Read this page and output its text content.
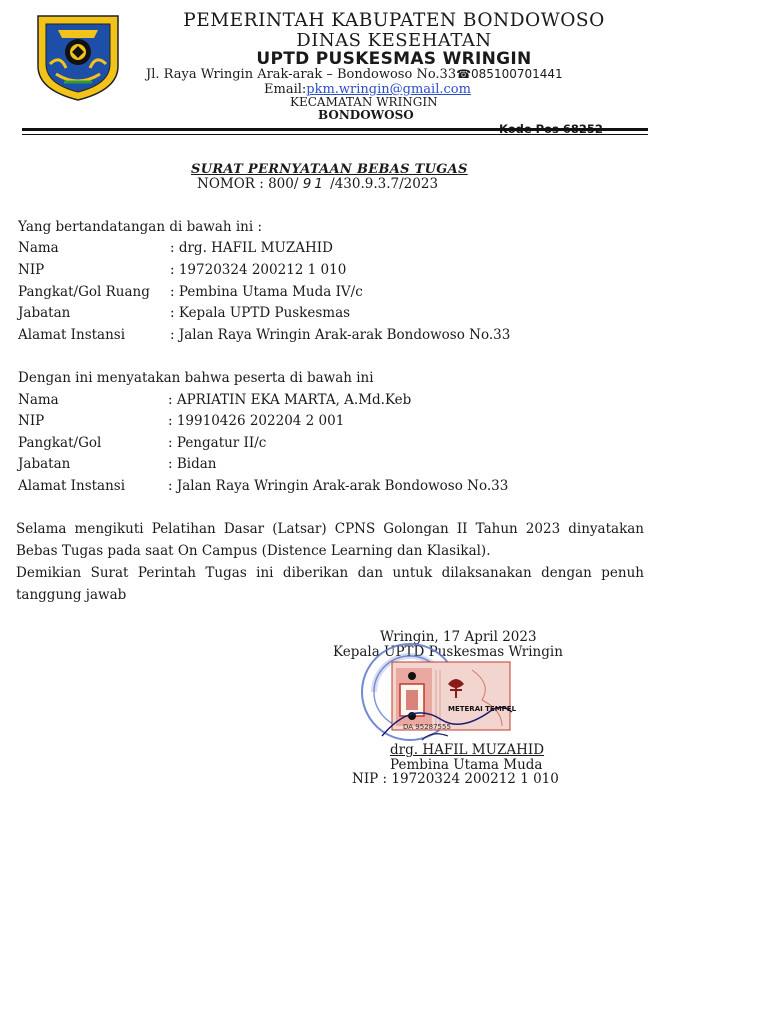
PEMERINTAH KABUPATEN BONDOWOSO
DINAS KESEHATAN
UPTD PUSKESMAS WRINGIN
Jl. Raya Wringin Arak-arak – Bondowoso No.33☎085100701441
Email:pkm.wringin@gmail.com
KECAMATAN WRINGIN
BONDOWOSO
SURAT PERNYATAAN BEBAS TUGAS
NOMOR : 800/ 91 /430.9.3.7/2023
Yang bertandatangan di bawah ini :
Nama	: drg. HAFIL MUZAHID
NIP	: 19720324 200212 1 010
Pangkat/Gol Ruang : Pembina Utama Muda IV/c
Jabatan	: Kepala UPTD Puskesmas
Alamat Instansi	: Jalan Raya Wringin Arak-arak Bondowoso No.33
Dengan ini menyatakan bahwa peserta di bawah ini
Nama	: APRIATIN EKA MARTA, A.Md.Keb
NIP	: 19910426 202204 2 001
Pangkat/Gol	: Pengatur II/c
Jabatan	: Bidan
Alamat Instansi	: Jalan Raya Wringin Arak-arak Bondowoso No.33
Selama mengikuti Pelatihan Dasar (Latsar) CPNS Golongan II Tahun 2023 dinyatakan Bebas Tugas pada saat On Campus (Distence Learning dan Klasikal).
Demikian Surat Perintah Tugas ini diberikan dan untuk dilaksanakan dengan penuh tanggung jawab
Wringin, 17 April 2023
Kepala UPTD Puskesmas Wringin
METERAI TEMPEL
DA 95287555
drg. HAFIL MUZAHID
Pembina Utama Muda
NIP : 19720324 200212 1 010
